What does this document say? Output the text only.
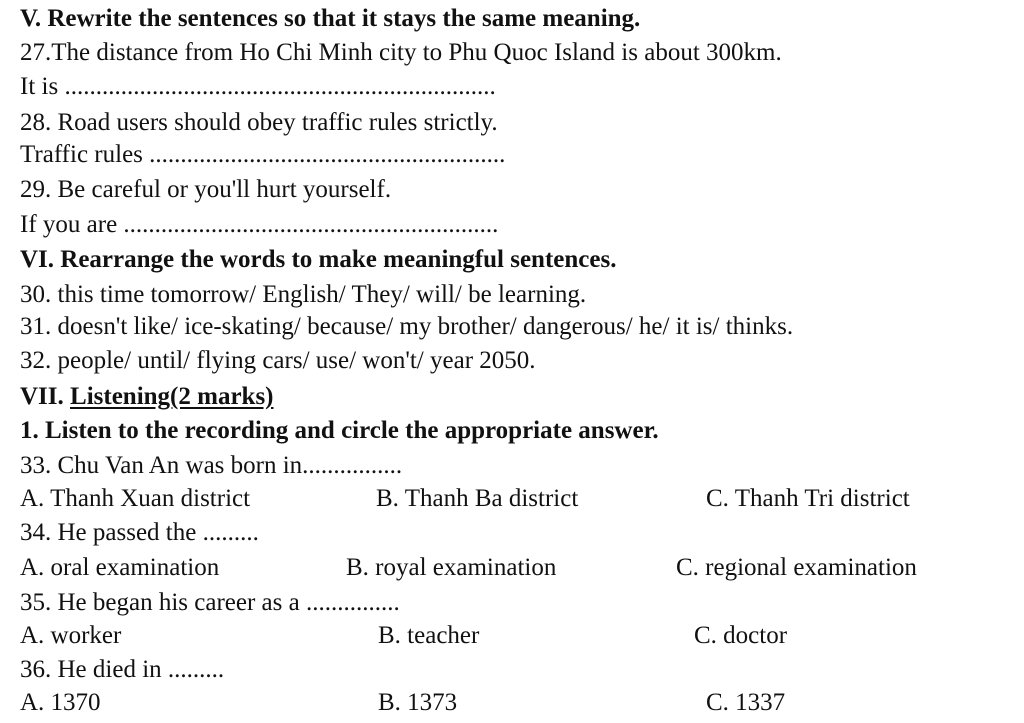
V. Rewrite the sentences so that it stays the same meaning.
27.The distance from Ho Chi Minh city to Phu Quoc Island is about 300km.
It is .....................................................................
28. Road users should obey traffic rules strictly.
Traffic rules .........................................................
29. Be careful or you'll hurt yourself.
If you are ............................................................
VI. Rearrange the words to make meaningful sentences.
30. this time tomorrow/ English/ They/ will/ be learning.
31. doesn't like/ ice-skating/ because/ my brother/ dangerous/ he/ it is/ thinks.
32. people/ until/ flying cars/ use/ won't/ year 2050.
VII. Listening(2 marks)
1. Listen to the recording and circle the appropriate answer.
33. Chu Van An was born in................
A. Thanh Xuan district	B. Thanh Ba district	C. Thanh Tri district
34. He passed the .........
A. oral examination	B. royal examination	C. regional examination
35. He began his career as a ...............
A. worker	B. teacher	C. doctor
36. He died in .........
A. 1370	B. 1373	C. 1337
